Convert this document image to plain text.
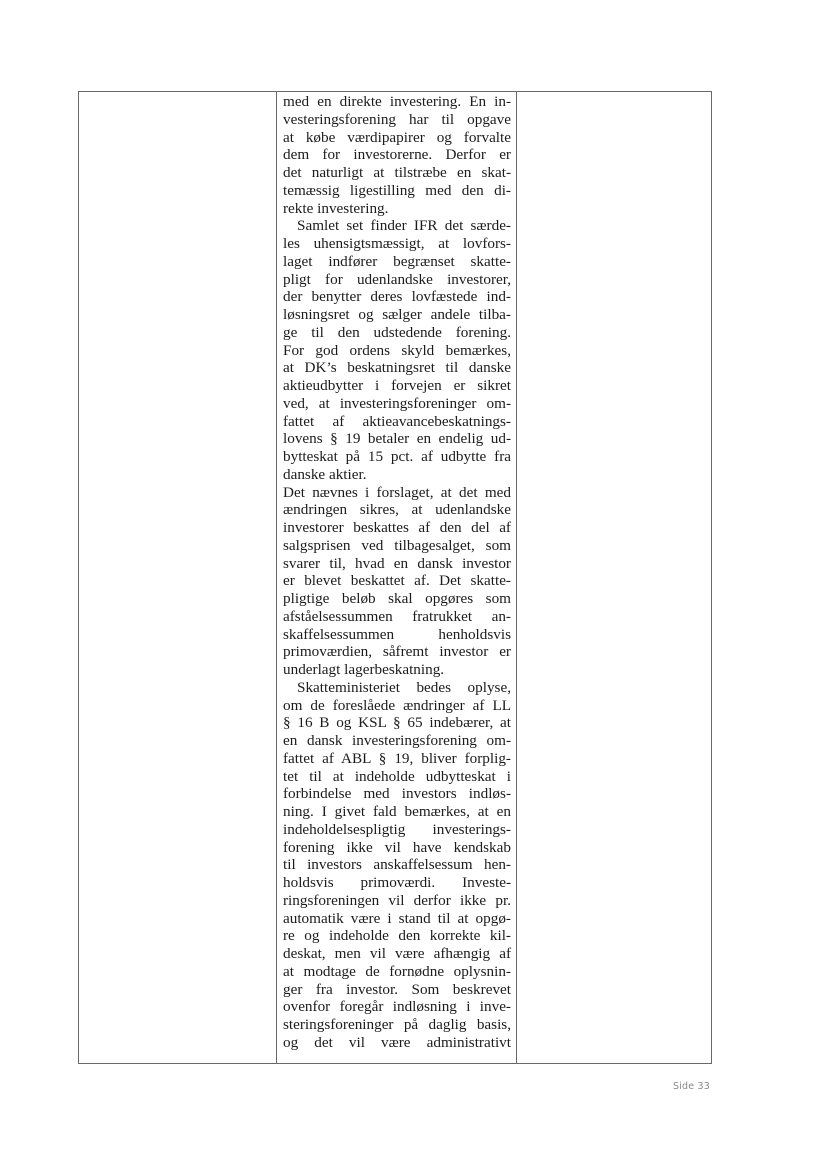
med en direkte investering. En in-
vesteringsforening har til opgave
at købe værdipapirer og forvalte
dem for investorerne. Derfor er
det naturligt at tilstræbe en skat-
temæssig ligestilling med den di-
rekte investering.
Samlet set finder IFR det særde-
les uhensigtsmæssigt, at lovfors-
laget indfører begrænset skatte-
pligt for udenlandske investorer,
der benytter deres lovfæstede ind-
løsningsret og sælger andele tilba-
ge til den udstedende forening.
For god ordens skyld bemærkes,
at DK’s beskatningsret til danske
aktieudbytter i forvejen er sikret
ved, at investeringsforeninger om-
fattet af aktieavancebeskatnings-
lovens § 19 betaler en endelig ud-
bytteskat på 15 pct. af udbytte fra
danske aktier.
Det nævnes i forslaget, at det med
ændringen sikres, at udenlandske
investorer beskattes af den del af
salgsprisen ved tilbagesalget, som
svarer til, hvad en dansk investor
er blevet beskattet af. Det skatte-
pligtige beløb skal opgøres som
afståelsessummen fratrukket an-
skaffelsessummen henholdsvis
primoværdien, såfremt investor er
underlagt lagerbeskatning.
Skatteministeriet bedes oplyse,
om de foreslåede ændringer af LL
§ 16 B og KSL § 65 indebærer, at
en dansk investeringsforening om-
fattet af ABL § 19, bliver forplig-
tet til at indeholde udbytteskat i
forbindelse med investors indløs-
ning. I givet fald bemærkes, at en
indeholdelsespligtig investerings-
forening ikke vil have kendskab
til investors anskaffelsessum hen-
holdsvis primoværdi. Investe-
ringsforeningen vil derfor ikke pr.
automatik være i stand til at opgø-
re og indeholde den korrekte kil-
deskat, men vil være afhængig af
at modtage de fornødne oplysnin-
ger fra investor. Som beskrevet
ovenfor foregår indløsning i inve-
steringsforeninger på daglig basis,
og det vil være administrativt
Side 33
